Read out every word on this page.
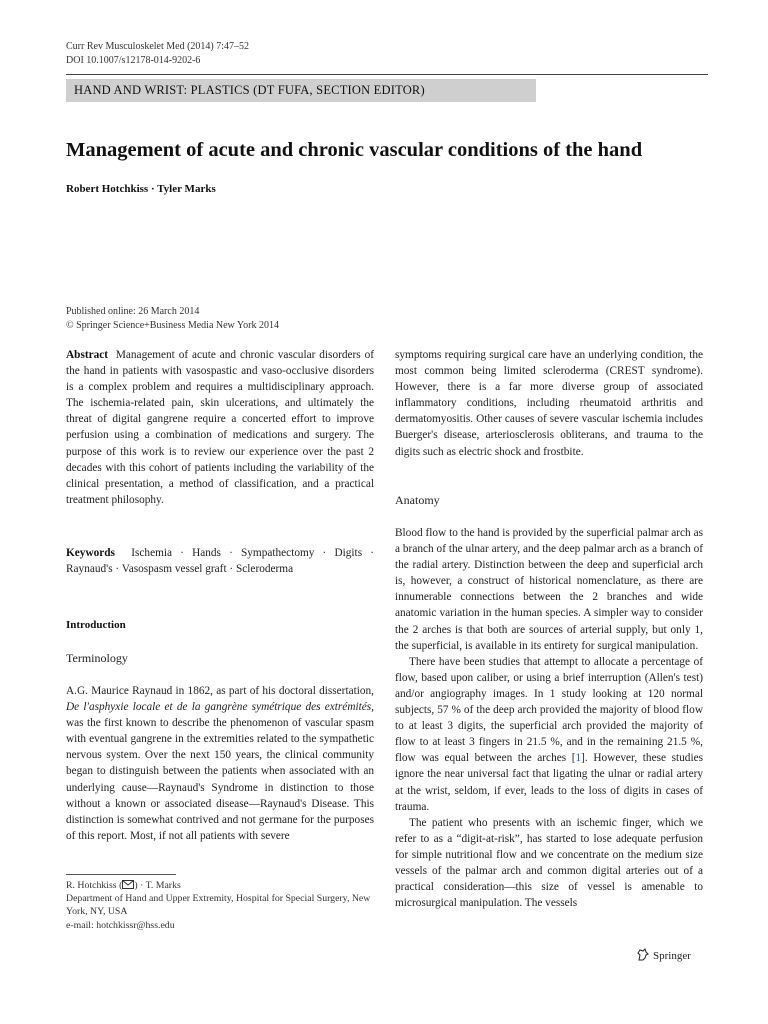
Curr Rev Musculoskelet Med (2014) 7:47–52
DOI 10.1007/s12178-014-9202-6
HAND AND WRIST: PLASTICS (DT FUFA, SECTION EDITOR)
Management of acute and chronic vascular conditions of the hand
Robert Hotchkiss · Tyler Marks
Published online: 26 March 2014
© Springer Science+Business Media New York 2014

Abstract Management of acute and chronic vascular disorders of the hand in patients with vasospastic and vaso-occlusive disorders is a complex problem and requires a multidisciplinary approach. The ischemia-related pain, skin ulcerations, and ultimately the threat of digital gangrene require a concerted effort to improve perfusion using a combination of medications and surgery. The purpose of this work is to review our experience over the past 2 decades with this cohort of patients including the variability of the clinical presentation, a method of classification, and a practical treatment philosophy.

Keywords Ischemia · Hands · Sympathectomy · Digits · Raynaud's · Vasospasm vessel graft · Scleroderma

Introduction
Terminology

A.G. Maurice Raynaud in 1862, as part of his doctoral dissertation, De l'asphyxie locale et de la gangrène symétrique des extrémités, was the first known to describe the phenomenon of vascular spasm with eventual gangrene in the extremities related to the sympathetic nervous system. Over the next 150 years, the clinical community began to distinguish between the patients when associated with an underlying cause—Raynaud's Syndrome in distinction to those without a known or associated disease—Raynaud's Disease. This distinction is somewhat contrived and not germane for the purposes of this report. Most, if not all patients with severe

symptoms requiring surgical care have an underlying condition, the most common being limited scleroderma (CREST syndrome). However, there is a far more diverse group of associated inflammatory conditions, including rheumatoid arthritis and dermatomyositis. Other causes of severe vascular ischemia includes Buerger's disease, arteriosclerosis obliterans, and trauma to the digits such as electric shock and frostbite.

Anatomy

Blood flow to the hand is provided by the superficial palmar arch as a branch of the ulnar artery, and the deep palmar arch as a branch of the radial artery. Distinction between the deep and superficial arch is, however, a construct of historical nomenclature, as there are innumerable connections between the 2 branches and wide anatomic variation in the human species. A simpler way to consider the 2 arches is that both are sources of arterial supply, but only 1, the superficial, is available in its entirety for surgical manipulation.

There have been studies that attempt to allocate a percentage of flow, based upon caliber, or using a brief interruption (Allen's test) and/or angiography images. In 1 study looking at 120 normal subjects, 57 % of the deep arch provided the majority of blood flow to at least 3 digits, the superficial arch provided the majority of flow to at least 3 fingers in 21.5 %, and in the remaining 21.5 %, flow was equal between the arches [1]. However, these studies ignore the near universal fact that ligating the ulnar or radial artery at the wrist, seldom, if ever, leads to the loss of digits in cases of trauma.

The patient who presents with an ischemic finger, which we refer to as a “digit-at-risk”, has started to lose adequate perfusion for simple nutritional flow and we concentrate on the medium size vessels of the palmar arch and common digital arteries out of a practical consideration—this size of vessel is amenable to microsurgical manipulation. The vessels

R. Hotchkiss ( ) · T. Marks
Department of Hand and Upper Extremity, Hospital for Special Surgery, New York, NY, USA
e-mail: hotchkissr@hss.edu
Springer
